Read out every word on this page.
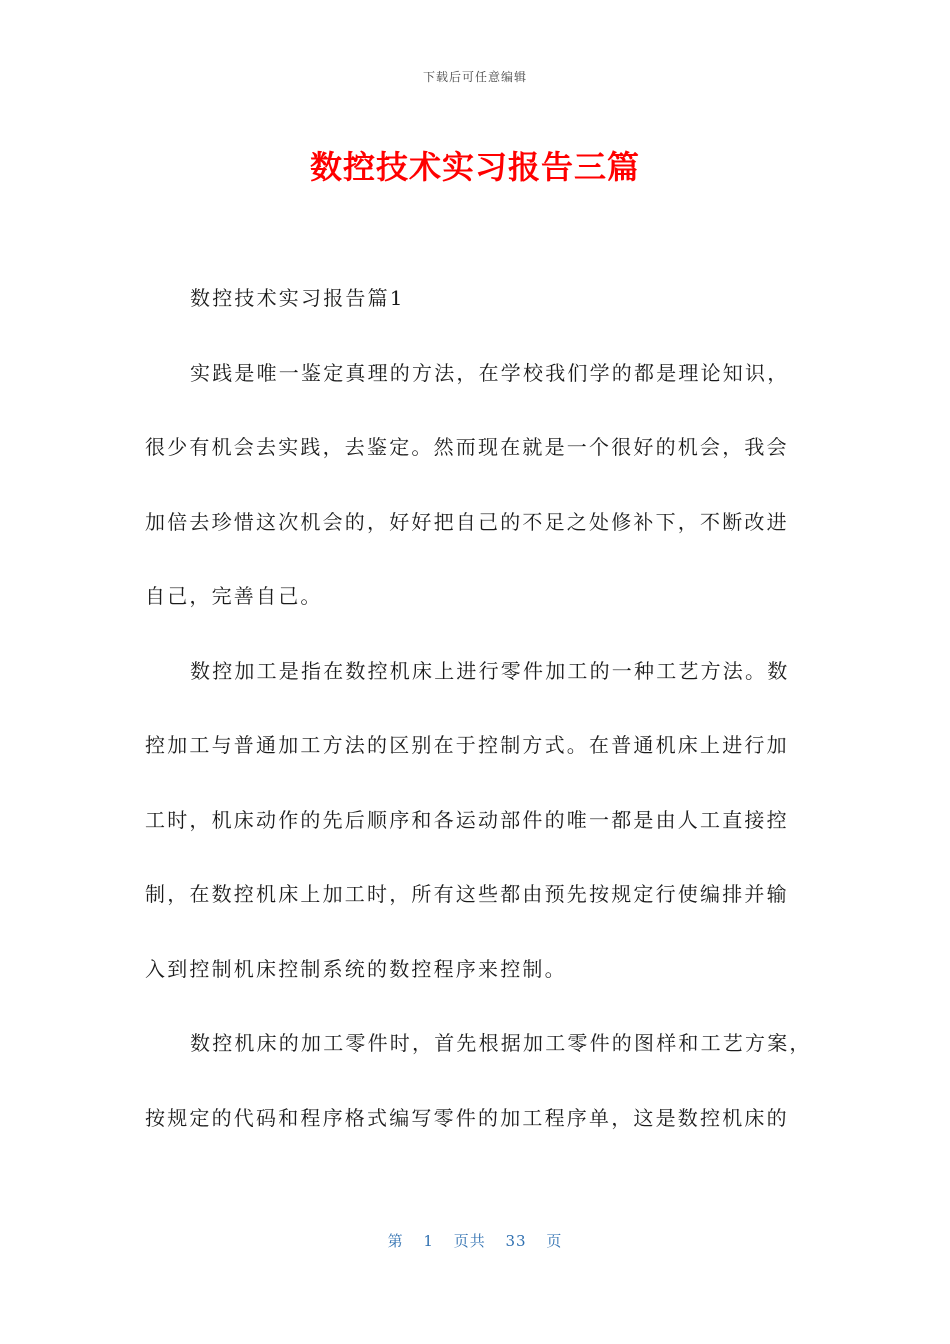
下载后可任意编辑
数控技术实习报告三篇
数控技术实习报告篇1
实践是唯一鉴定真理的方法，在学校我们学的都是理论知识，
很少有机会去实践，去鉴定。然而现在就是一个很好的机会，我会
加倍去珍惜这次机会的，好好把自己的不足之处修补下，不断改进
自己，完善自己。
数控加工是指在数控机床上进行零件加工的一种工艺方法。数
控加工与普通加工方法的区别在于控制方式。在普通机床上进行加
工时，机床动作的先后顺序和各运动部件的唯一都是由人工直接控
制，在数控机床上加工时，所有这些都由预先按规定行使编排并输
入到控制机床控制系统的数控程序来控制。
数控机床的加工零件时，首先根据加工零件的图样和工艺方案，
按规定的代码和程序格式编写零件的加工程序单，这是数控机床的
第 1 页共 33 页
